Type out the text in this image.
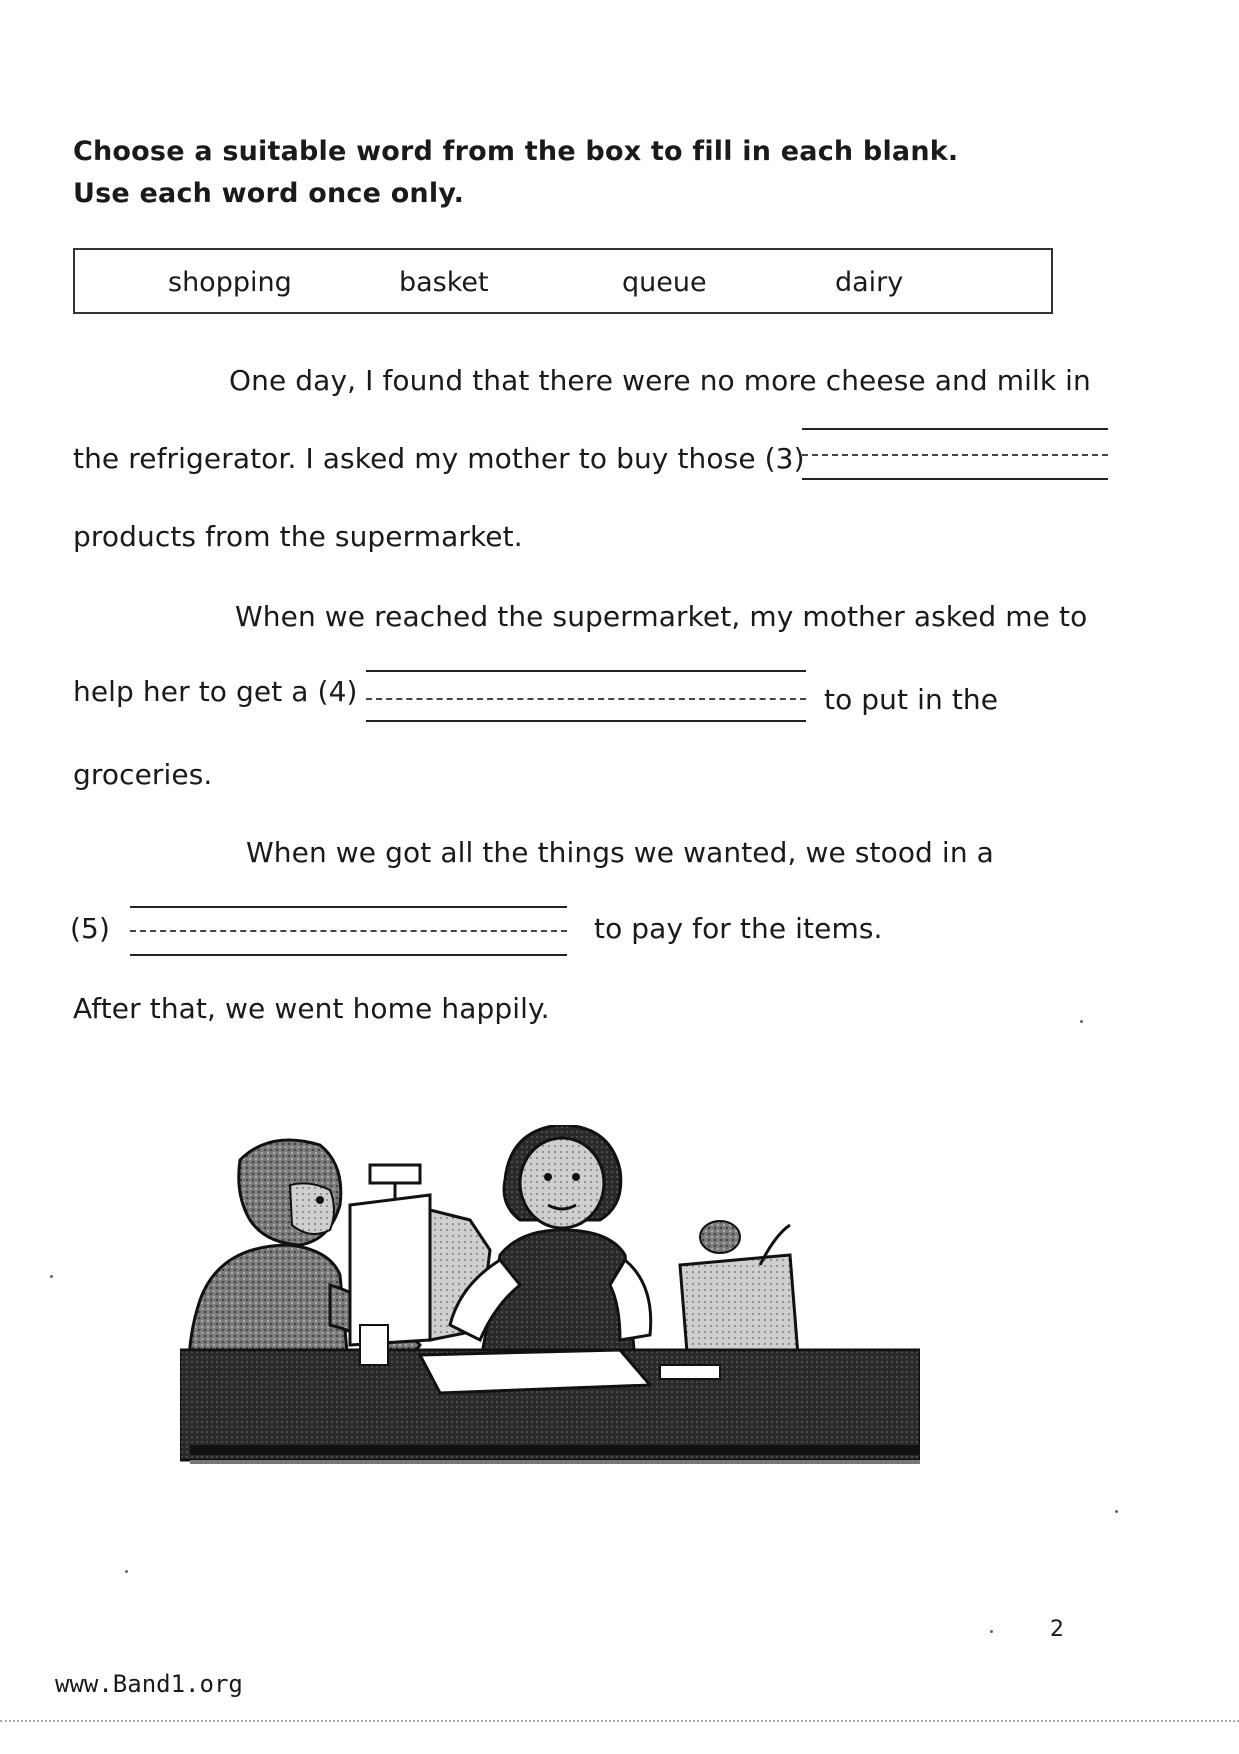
Choose a suitable word from the box to fill in each blank.
Use each word once only.
shopping	basket	queue	dairy
One day, I found that there were no more cheese and milk in
the refrigerator. I asked my mother to buy those (3)
products from the supermarket.
When we reached the supermarket, my mother asked me to
help her to get a (4)	to put in the
groceries.
When we got all the things we wanted, we stood in a
(5)	to pay for the items.
After that, we went home happily.
2
www.Band1.org
